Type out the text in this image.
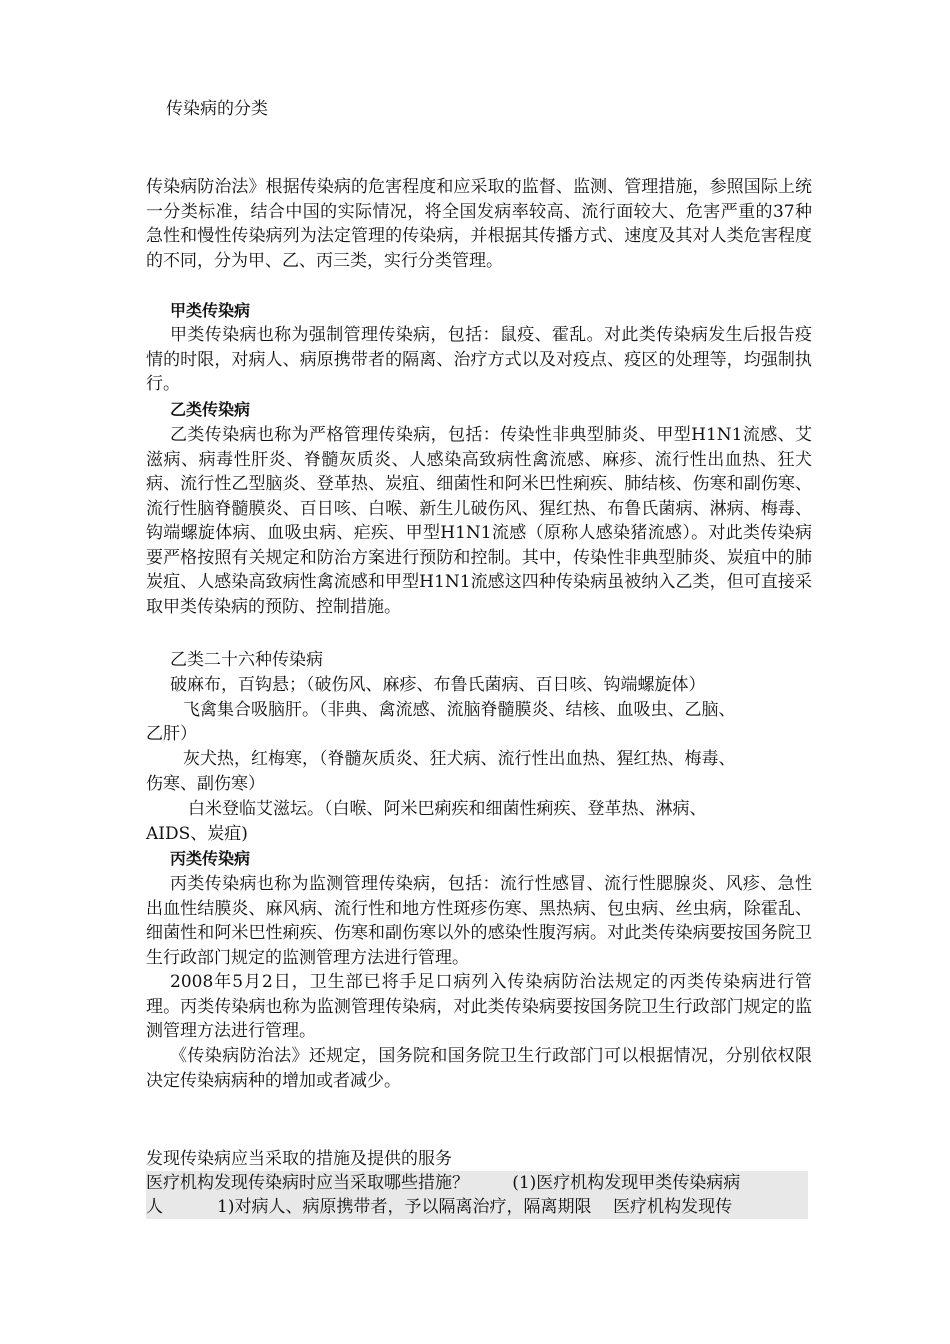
传染病的分类

传染病防治法》根据传染病的危害程度和应采取的监督、监测、管理措施，参照国际上统一分类标准，结合中国的实际情况，将全国发病率较高、流行面较大、危害严重的37种急性和慢性传染病列为法定管理的传染病，并根据其传播方式、速度及其对人类危害程度的不同，分为甲、乙、丙三类，实行分类管理。

甲类传染病

甲类传染病也称为强制管理传染病，包括：鼠疫、霍乱。对此类传染病发生后报告疫情的时限，对病人、病原携带者的隔离、治疗方式以及对疫点、疫区的处理等，均强制执行。

乙类传染病

乙类传染病也称为严格管理传染病，包括：传染性非典型肺炎、甲型H1N1流感、艾滋病、病毒性肝炎、脊髓灰质炎、人感染高致病性禽流感、麻疹、流行性出血热、狂犬病、流行性乙型脑炎、登革热、炭疽、细菌性和阿米巴性痢疾、肺结核、伤寒和副伤寒、流行性脑脊髓膜炎、百日咳、白喉、新生儿破伤风、猩红热、布鲁氏菌病、淋病、梅毒、钩端螺旋体病、血吸虫病、疟疾、甲型H1N1流感（原称人感染猪流感）。对此类传染病要严格按照有关规定和防治方案进行预防和控制。其中，传染性非典型肺炎、炭疽中的肺炭疽、人感染高致病性禽流感和甲型H1N1流感这四种传染病虽被纳入乙类，但可直接采取甲类传染病的预防、控制措施。

乙类二十六种传染病
破麻布，百钩悬；（破伤风、麻疹、布鲁氏菌病、百日咳、钩端螺旋体）
飞禽集合吸脑肝。（非典、禽流感、流脑脊髓膜炎、结核、血吸虫、乙脑、
乙肝）
灰犬热，红梅寒，（脊髓灰质炎、狂犬病、流行性出血热、猩红热、梅毒、
伤寒、副伤寒）
白米登临艾滋坛。（白喉、阿米巴痢疾和细菌性痢疾、登革热、淋病、
AIDS、炭疽)
丙类传染病

丙类传染病也称为监测管理传染病，包括：流行性感冒、流行性腮腺炎、风疹、急性出血性结膜炎、麻风病、流行性和地方性斑疹伤寒、黑热病、包虫病、丝虫病，除霍乱、细菌性和阿米巴性痢疾、伤寒和副伤寒以外的感染性腹泻病。对此类传染病要按国务院卫生行政部门规定的监测管理方法进行管理。

2008年5月2日，卫生部已将手足口病列入传染病防治法规定的丙类传染病进行管理。丙类传染病也称为监测管理传染病，对此类传染病要按国务院卫生行政部门规定的监测管理方法进行管理。

《传染病防治法》还规定，国务院和国务院卫生行政部门可以根据情况，分别依权限决定传染病病种的增加或者减少。

发现传染病应当采取的措施及提供的服务
医疗机构发现传染病时应当采取哪些措施？        (1)医疗机构发现甲类传染病病
人          1)对病人、病原携带者，予以隔离治疗，隔离期限    医疗机构发现传
